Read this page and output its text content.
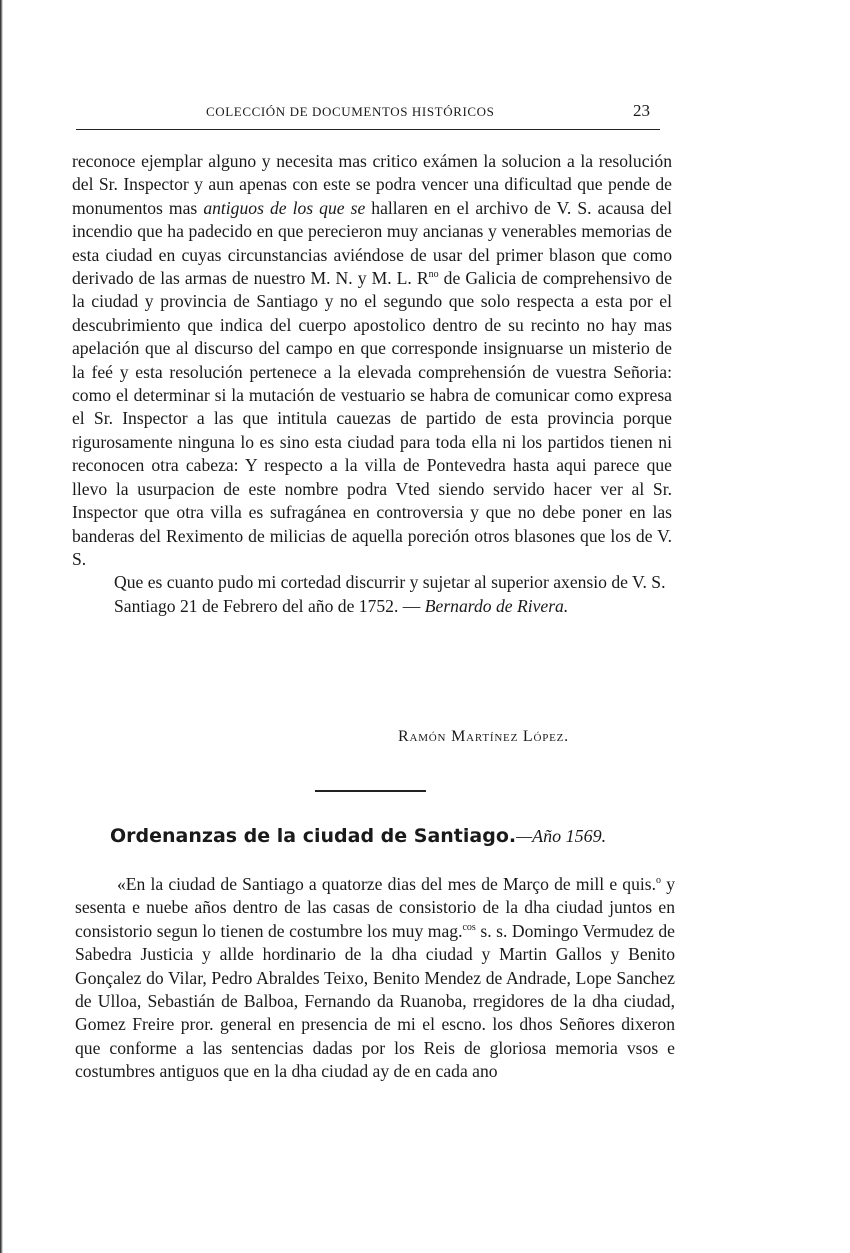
COLECCIÓN DE DOCUMENTOS HISTÓRICOS	23

reconoce ejemplar alguno y necesita mas critico exámen la solucion a la resolución del Sr. Inspector y aun apenas con este se podra vencer una dificultad que pende de monumentos mas antiguos de los que se hallaren en el archivo de V. S. acausa del incendio que ha padecido en que perecieron muy ancianas y venerables memorias de esta ciudad en cuyas circunstancias aviéndose de usar del primer blason que como derivado de las armas de nuestro M. N. y M. L. $R^{no}$ de Galicia de comprehensivo de la ciudad y provincia de Santiago y no el segundo que solo respecta a esta por el descubrimiento que indica del cuerpo apostolico dentro de su recinto no hay mas apelación que al discurso del campo en que corresponde insignuarse un misterio de la feé y esta resolución pertenece a la elevada comprehensión de vuestra Señoria: como el determinar si la mutación de vestuario se habra de comunicar como expresa el Sr. Inspector a las que intitula cauezas de partido de esta provincia porque rigurosamente ninguna lo es sino esta ciudad para toda ella ni los partidos tienen ni reconocen otra cabeza: Y respecto a la villa de Pontevedra hasta aqui parece que llevo la usurpacion de este nombre podra Vted siendo servido hacer ver al Sr. Inspector que otra villa es sufragánea en controversia y que no debe poner en las banderas del Reximento de milicias de aquella poreción otros blasones que los de V. S.

Que es cuanto pudo mi cortedad discurrir y sujetar al superior axensio de V. S.

Santiago 21 de Febrero del año de 1752. — Bernardo de Rivera.

Ramón Martínez López.
Ordenanzas de la ciudad de Santiago.—Año 1569.

«En la ciudad de Santiago a quatorze dias del mes de Março de mill e quis.$^o$ y sesenta e nuebe años dentro de las casas de consistorio de la dha ciudad juntos en consistorio segun lo tienen de costumbre los muy mag.$^{cos}$ s. s. Domingo Vermudez de Sabedra Justicia y allde hordinario de la dha ciudad y Martin Gallos y Benito Gonçalez do Vilar, Pedro Abraldes Teixo, Benito Mendez de Andrade, Lope Sanchez de Ulloa, Sebastián de Balboa, Fernando da Ruanoba, rregidores de la dha ciudad, Gomez Freire pror. general en presencia de mi el escno. los dhos Señores dixeron que conforme a las sentencias dadas por los Reis de gloriosa memoria vsos e costumbres antiguos que en la dha ciudad ay de en cada ano
